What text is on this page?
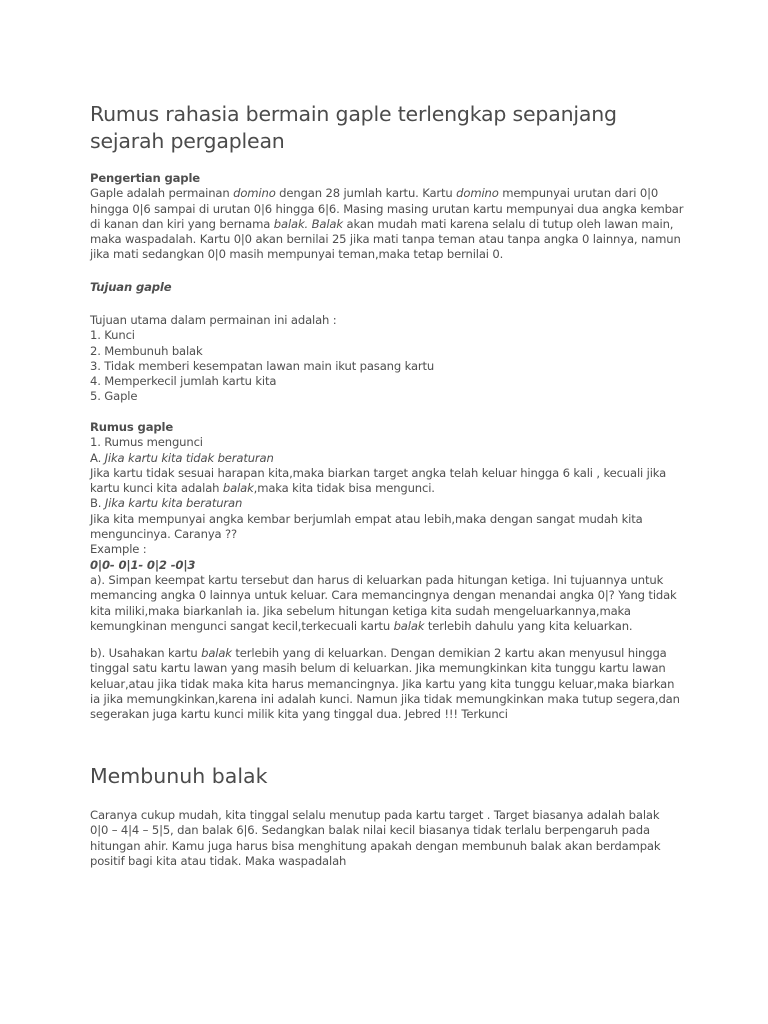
Rumus rahasia bermain gaple terlengkap sepanjang sejarah pergaplean
Pengertian gaple
Gaple adalah permainan domino dengan 28 jumlah kartu. Kartu domino mempunyai urutan dari 0|0
hingga 0|6 sampai di urutan 0|6 hingga 6|6. Masing masing urutan kartu mempunyai dua angka kembar
di kanan dan kiri yang bernama balak. Balak akan mudah mati karena selalu di tutup oleh lawan main,
maka waspadalah. Kartu 0|0 akan bernilai 25 jika mati tanpa teman atau tanpa angka 0 lainnya, namun
jika mati sedangkan 0|0 masih mempunyai teman,maka tetap bernilai 0.
Tujuan gaple
Tujuan utama dalam permainan ini adalah :
1. Kunci
2. Membunuh balak
3. Tidak memberi kesempatan lawan main ikut pasang kartu
4. Memperkecil jumlah kartu kita
5. Gaple
Rumus gaple
1. Rumus mengunci
A. Jika kartu kita tidak beraturan
Jika kartu tidak sesuai harapan kita,maka biarkan target angka telah keluar hingga 6 kali , kecuali jika
kartu kunci kita adalah balak,maka kita tidak bisa mengunci.
B. Jika kartu kita beraturan
Jika kita mempunyai angka kembar berjumlah empat atau lebih,maka dengan sangat mudah kita
menguncinya. Caranya ??
Example :
0|0- 0|1- 0|2 -0|3
a). Simpan keempat kartu tersebut dan harus di keluarkan pada hitungan ketiga. Ini tujuannya untuk
memancing angka 0 lainnya untuk keluar. Cara memancingnya dengan menandai angka 0|? Yang tidak
kita miliki,maka biarkanlah ia. Jika sebelum hitungan ketiga kita sudah mengeluarkannya,maka
kemungkinan mengunci sangat kecil,terkecuali kartu balak terlebih dahulu yang kita keluarkan.
b). Usahakan kartu balak terlebih yang di keluarkan. Dengan demikian 2 kartu akan menyusul hingga
tinggal satu kartu lawan yang masih belum di keluarkan. Jika memungkinkan kita tunggu kartu lawan
keluar,atau jika tidak maka kita harus memancingnya. Jika kartu yang kita tunggu keluar,maka biarkan
ia jika memungkinkan,karena ini adalah kunci. Namun jika tidak memungkinkan maka tutup segera,dan
segerakan juga kartu kunci milik kita yang tinggal dua. Jebred !!! Terkunci
Membunuh balak
Caranya cukup mudah, kita tinggal selalu menutup pada kartu target . Target biasanya adalah balak
0|0 – 4|4 – 5|5, dan balak 6|6. Sedangkan balak nilai kecil biasanya tidak terlalu berpengaruh pada
hitungan ahir. Kamu juga harus bisa menghitung apakah dengan membunuh balak akan berdampak
positif bagi kita atau tidak. Maka waspadalah
